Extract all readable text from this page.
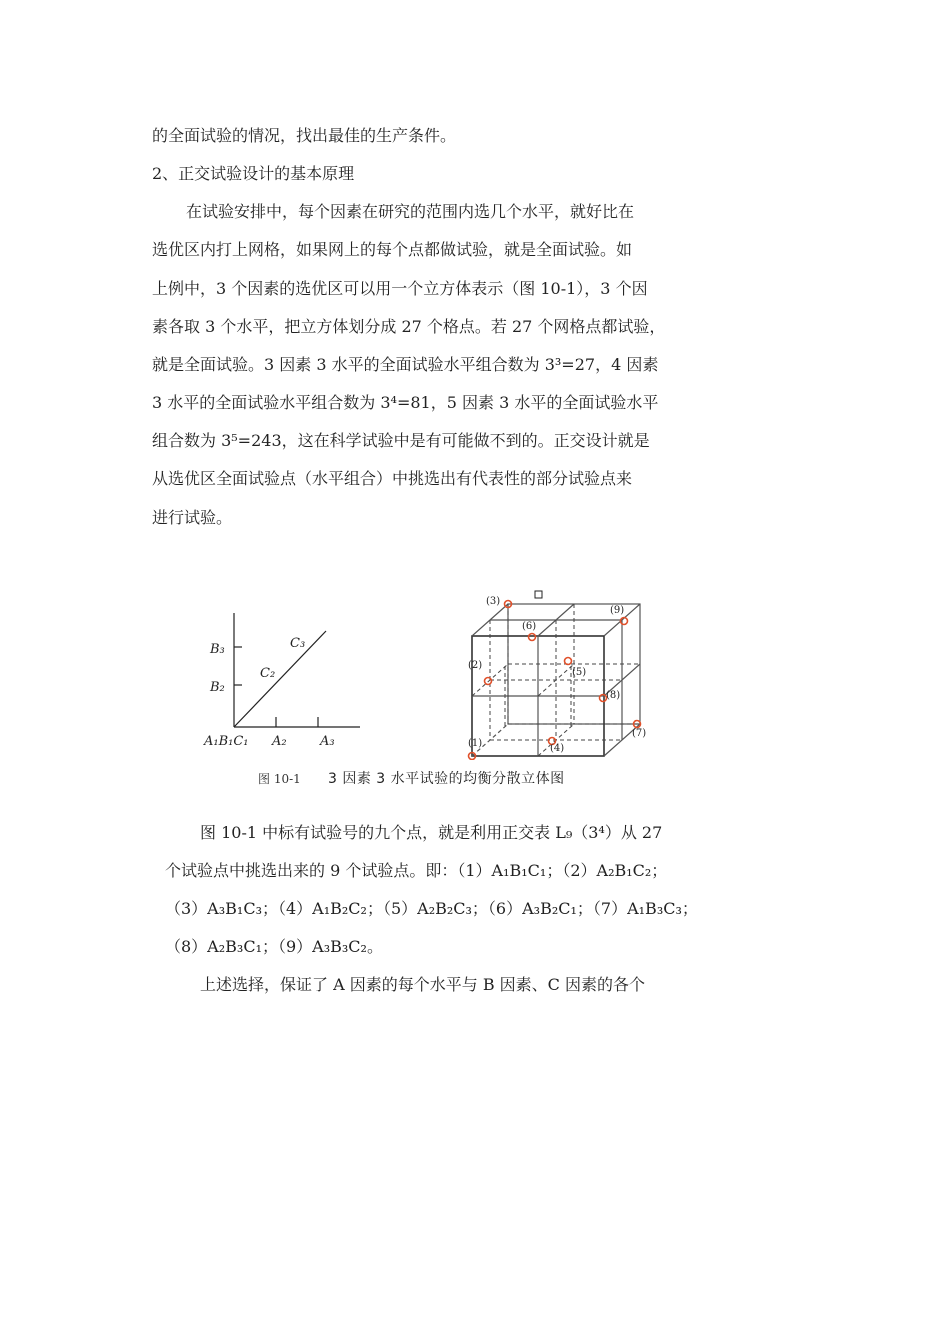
的全面试验的情况，找出最佳的生产条件。
2、正交试验设计的基本原理
在试验安排中，每个因素在研究的范围内选几个水平，就好比在
选优区内打上网格，如果网上的每个点都做试验，就是全面试验。如
上例中，3 个因素的选优区可以用一个立方体表示（图 10-1），3 个因
素各取 3 个水平，把立方体划分成 27 个格点。若 27 个网格点都试验，
就是全面试验。3 因素 3 水平的全面试验水平组合数为 3³=27，4 因素
3 水平的全面试验水平组合数为 3⁴=81，5 因素 3 水平的全面试验水平
组合数为 3⁵=243，这在科学试验中是有可能做不到的。正交设计就是
从选优区全面试验点（水平组合）中挑选出有代表性的部分试验点来
进行试验。
B₃
B₂
C₃
C₂
A₁B₁C₁ A₂	A₃
(3)
(9)
(6)
(5)
(2)
(8)
(7)
(4)
(1)
图 10-1 3 因素 3 水平试验的均衡分散立体图
图 10-1 中标有试验号的九个点，就是利用正交表 L₉（3⁴）从 27
个试验点中挑选出来的 9 个试验点。即：（1）A₁B₁C₁；（2）A₂B₁C₂；
（3）A₃B₁C₃；（4）A₁B₂C₂；（5）A₂B₂C₃；（6）A₃B₂C₁；（7）A₁B₃C₃；
（8）A₂B₃C₁；（9）A₃B₃C₂。
上述选择，保证了 A 因素的每个水平与 B 因素、C 因素的各个
